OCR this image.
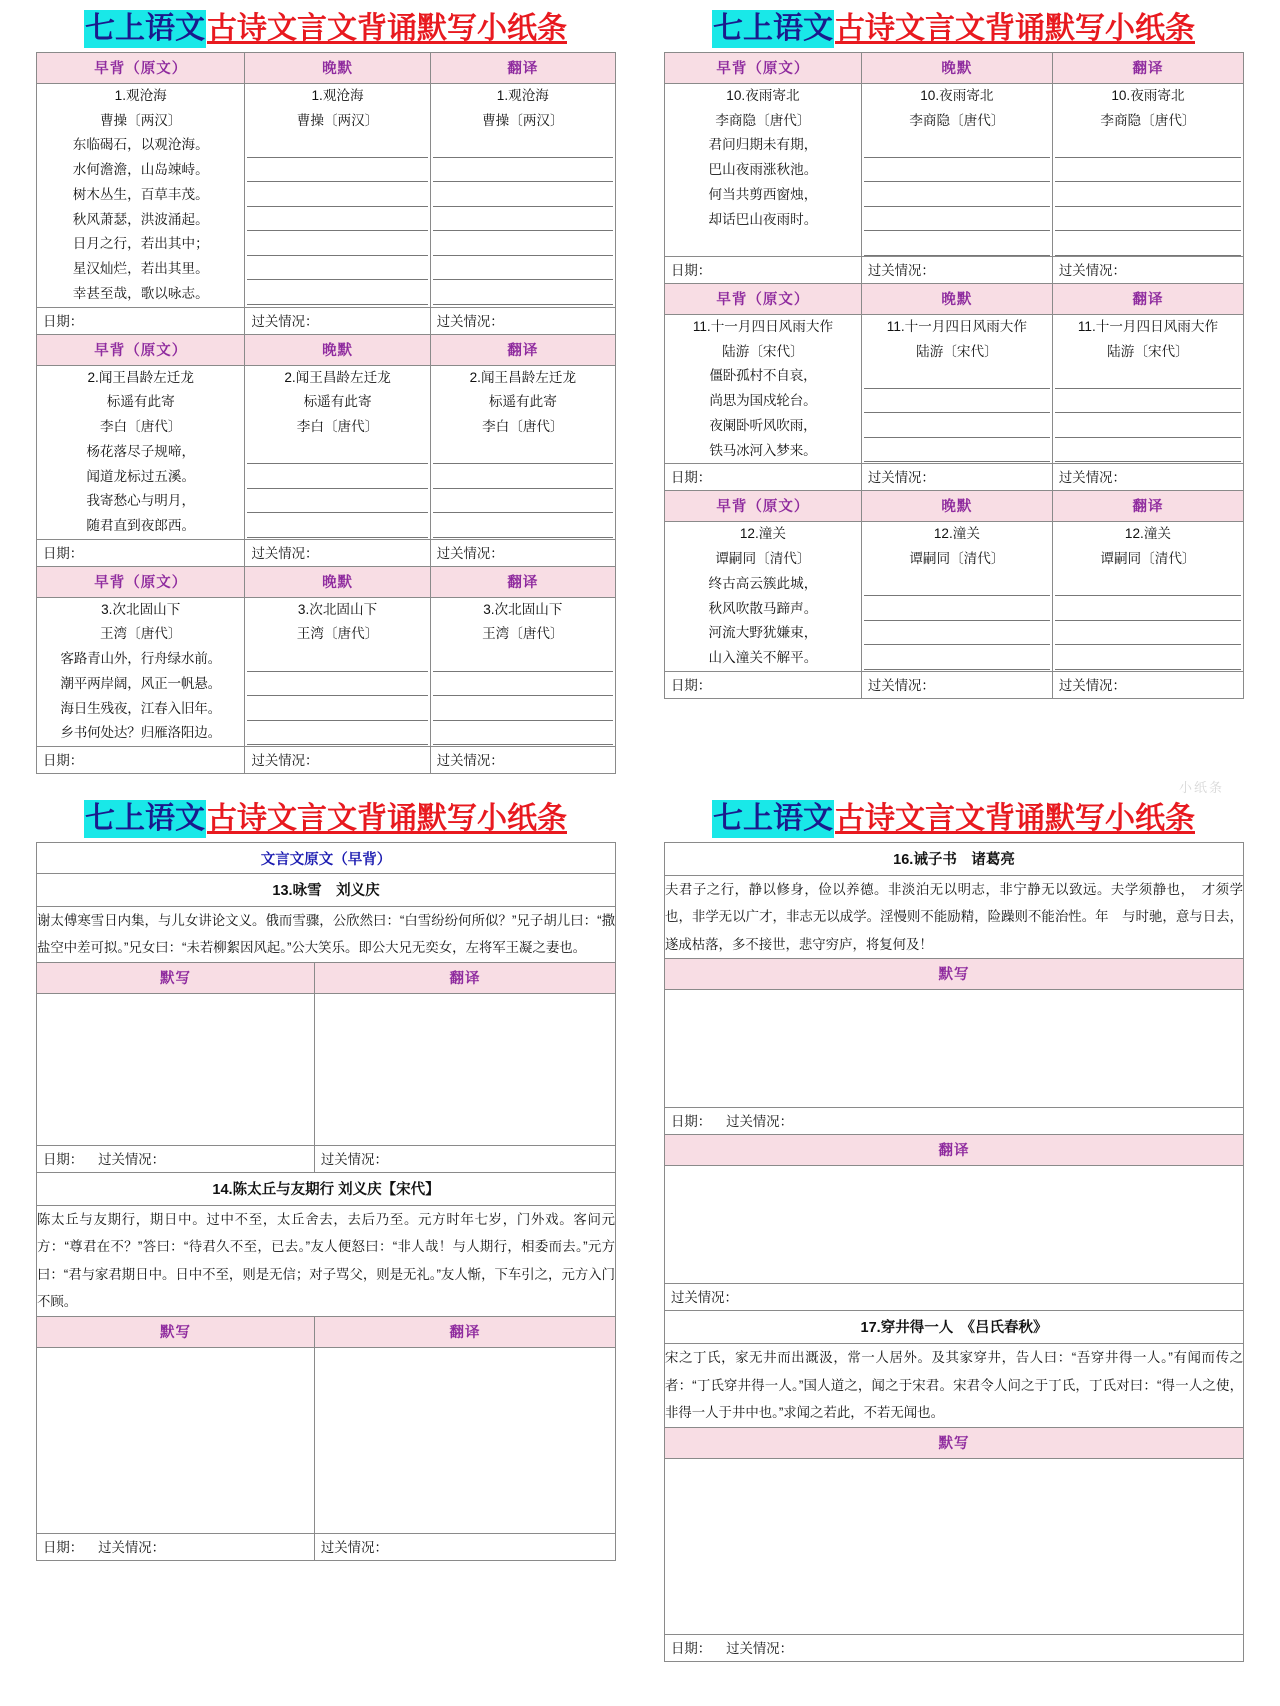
七上语文古诗文言文背诵默写小纸条
早背（原文）	晚默	翻译

1.观沧海
曹操〔两汉〕
东临碣石，以观沧海。
水何澹澹，山岛竦峙。
树木丛生，百草丰茂。
秋风萧瑟，洪波涌起。
日月之行，若出其中；
星汉灿烂，若出其里。
幸甚至哉，歌以咏志。

1.观沧海
曹操〔两汉〕

1.观沧海
曹操〔两汉〕

日期：	过关情况：	过关情况：
早背（原文）	晚默	翻译

2.闻王昌龄左迁龙
标遥有此寄
李白〔唐代〕
杨花落尽子规啼，
闻道龙标过五溪。
我寄愁心与明月，
随君直到夜郎西。

2.闻王昌龄左迁龙
标遥有此寄
李白〔唐代〕

2.闻王昌龄左迁龙
标遥有此寄
李白〔唐代〕

日期：	过关情况：	过关情况：
早背（原文）	晚默	翻译

3.次北固山下
王湾〔唐代〕
客路青山外，行舟绿水前。
潮平两岸阔，风正一帆悬。
海日生残夜，江春入旧年。
乡书何处达？归雁洛阳边。

3.次北固山下
王湾〔唐代〕

3.次北固山下
王湾〔唐代〕

日期：	过关情况：	过关情况：
七上语文古诗文言文背诵默写小纸条
早背（原文）	晚默	翻译

10.夜雨寄北
李商隐〔唐代〕
君问归期未有期，
巴山夜雨涨秋池。
何当共剪西窗烛，
却话巴山夜雨时。

10.夜雨寄北
李商隐〔唐代〕

10.夜雨寄北
李商隐〔唐代〕

日期：	过关情况：	过关情况：
早背（原文）	晚默	翻译

11.十一月四日风雨大作
陆游〔宋代〕
僵卧孤村不自哀，
尚思为国戍轮台。
夜阑卧听风吹雨，
铁马冰河入梦来。

11.十一月四日风雨大作
陆游〔宋代〕

11.十一月四日风雨大作
陆游〔宋代〕

日期：	过关情况：	过关情况：
早背（原文）	晚默	翻译

12.潼关
谭嗣同〔清代〕
终古高云簇此城，
秋风吹散马蹄声。
河流大野犹嫌束，
山入潼关不解平。

12.潼关
谭嗣同〔清代〕

12.潼关
谭嗣同〔清代〕

日期：	过关情况：	过关情况：
小纸条
七上语文古诗文言文背诵默写小纸条
文言文原文（早背）	
13.咏雪　刘义庆	
谢太傅寒雪日内集，与儿女讲论文义。俄而雪骤，公欣然曰：“白雪纷纷何所似？”兄子胡儿曰：“撒盐空中差可拟。”兄女曰：“未若柳絮因风起。”公大笑乐。即公大兄无奕女，左将军王凝之妻也。	
默写	翻译

日期： 过关情况：	过关情况：
14.陈太丘与友期行 刘义庆【宋代】	
陈太丘与友期行，期日中。过中不至，太丘舍去，去后乃至。元方时年七岁，门外戏。客问元方：“尊君在不？”答曰：“待君久不至，已去。”友人便怒曰：“非人哉！与人期行，相委而去。”元方曰：“君与家君期日中。日中不至，则是无信；对子骂父，则是无礼。”友人惭，下车引之，元方入门不顾。	
默写	翻译

日期： 过关情况：	过关情况：
七上语文古诗文言文背诵默写小纸条
16.诫子书　诸葛亮
夫君子之行，静以修身，俭以养德。非淡泊无以明志，非宁静无以致远。夫学须静也，　才须学也，非学无以广才，非志无以成学。淫慢则不能励精，险躁则不能治性。年　与时驰，意与日去，遂成枯落，多不接世，悲守穷庐，将复何及！
默写

日期： 过关情况：
翻译

过关情况：
17.穿井得一人　《吕氏春秋》
宋之丁氏，家无井而出溉汲，常一人居外。及其家穿井，告人曰：“吾穿井得一人。”有闻而传之者：“丁氏穿井得一人。”国人道之，闻之于宋君。宋君令人问之于丁氏，丁氏对曰：“得一人之使，非得一人于井中也。”求闻之若此，不若无闻也。
默写

日期： 过关情况：
